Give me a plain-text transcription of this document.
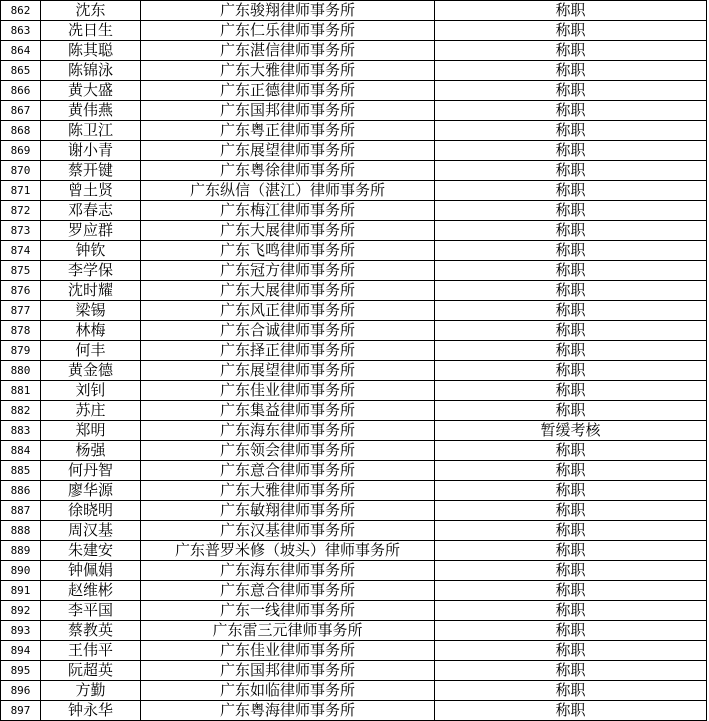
862	沈东	广东骏翔律师事务所	称职
863	冼日生	广东仁乐律师事务所	称职
864	陈其聪	广东湛信律师事务所	称职
865	陈锦泳	广东大雅律师事务所	称职
866	黄大盛	广东正德律师事务所	称职
867	黄伟燕	广东国邦律师事务所	称职
868	陈卫江	广东粤正律师事务所	称职
869	谢小青	广东展望律师事务所	称职
870	蔡开键	广东粤徐律师事务所	称职
871	曾土贤	广东纵信（湛江）律师事务所	称职
872	邓春志	广东梅江律师事务所	称职
873	罗应群	广东大展律师事务所	称职
874	钟钦	广东飞鸣律师事务所	称职
875	李学保	广东冠方律师事务所	称职
876	沈时耀	广东大展律师事务所	称职
877	梁锡	广东风正律师事务所	称职
878	林梅	广东合诚律师事务所	称职
879	何丰	广东择正律师事务所	称职
880	黄金德	广东展望律师事务所	称职
881	刘钊	广东佳业律师事务所	称职
882	苏庄	广东集益律师事务所	称职
883	郑明	广东海东律师事务所	暂缓考核
884	杨强	广东领会律师事务所	称职
885	何丹智	广东意合律师事务所	称职
886	廖华源	广东大雅律师事务所	称职
887	徐晓明	广东敏翔律师事务所	称职
888	周汉基	广东汉基律师事务所	称职
889	朱建安	广东普罗米修（坡头）律师事务所	称职
890	钟佩娟	广东海东律师事务所	称职
891	赵维彬	广东意合律师事务所	称职
892	李平国	广东一线律师事务所	称职
893	蔡教英	广东雷三元律师事务所	称职
894	王伟平	广东佳业律师事务所	称职
895	阮超英	广东国邦律师事务所	称职
896	方勤	广东如临律师事务所	称职
897	钟永华	广东粤海律师事务所	称职
